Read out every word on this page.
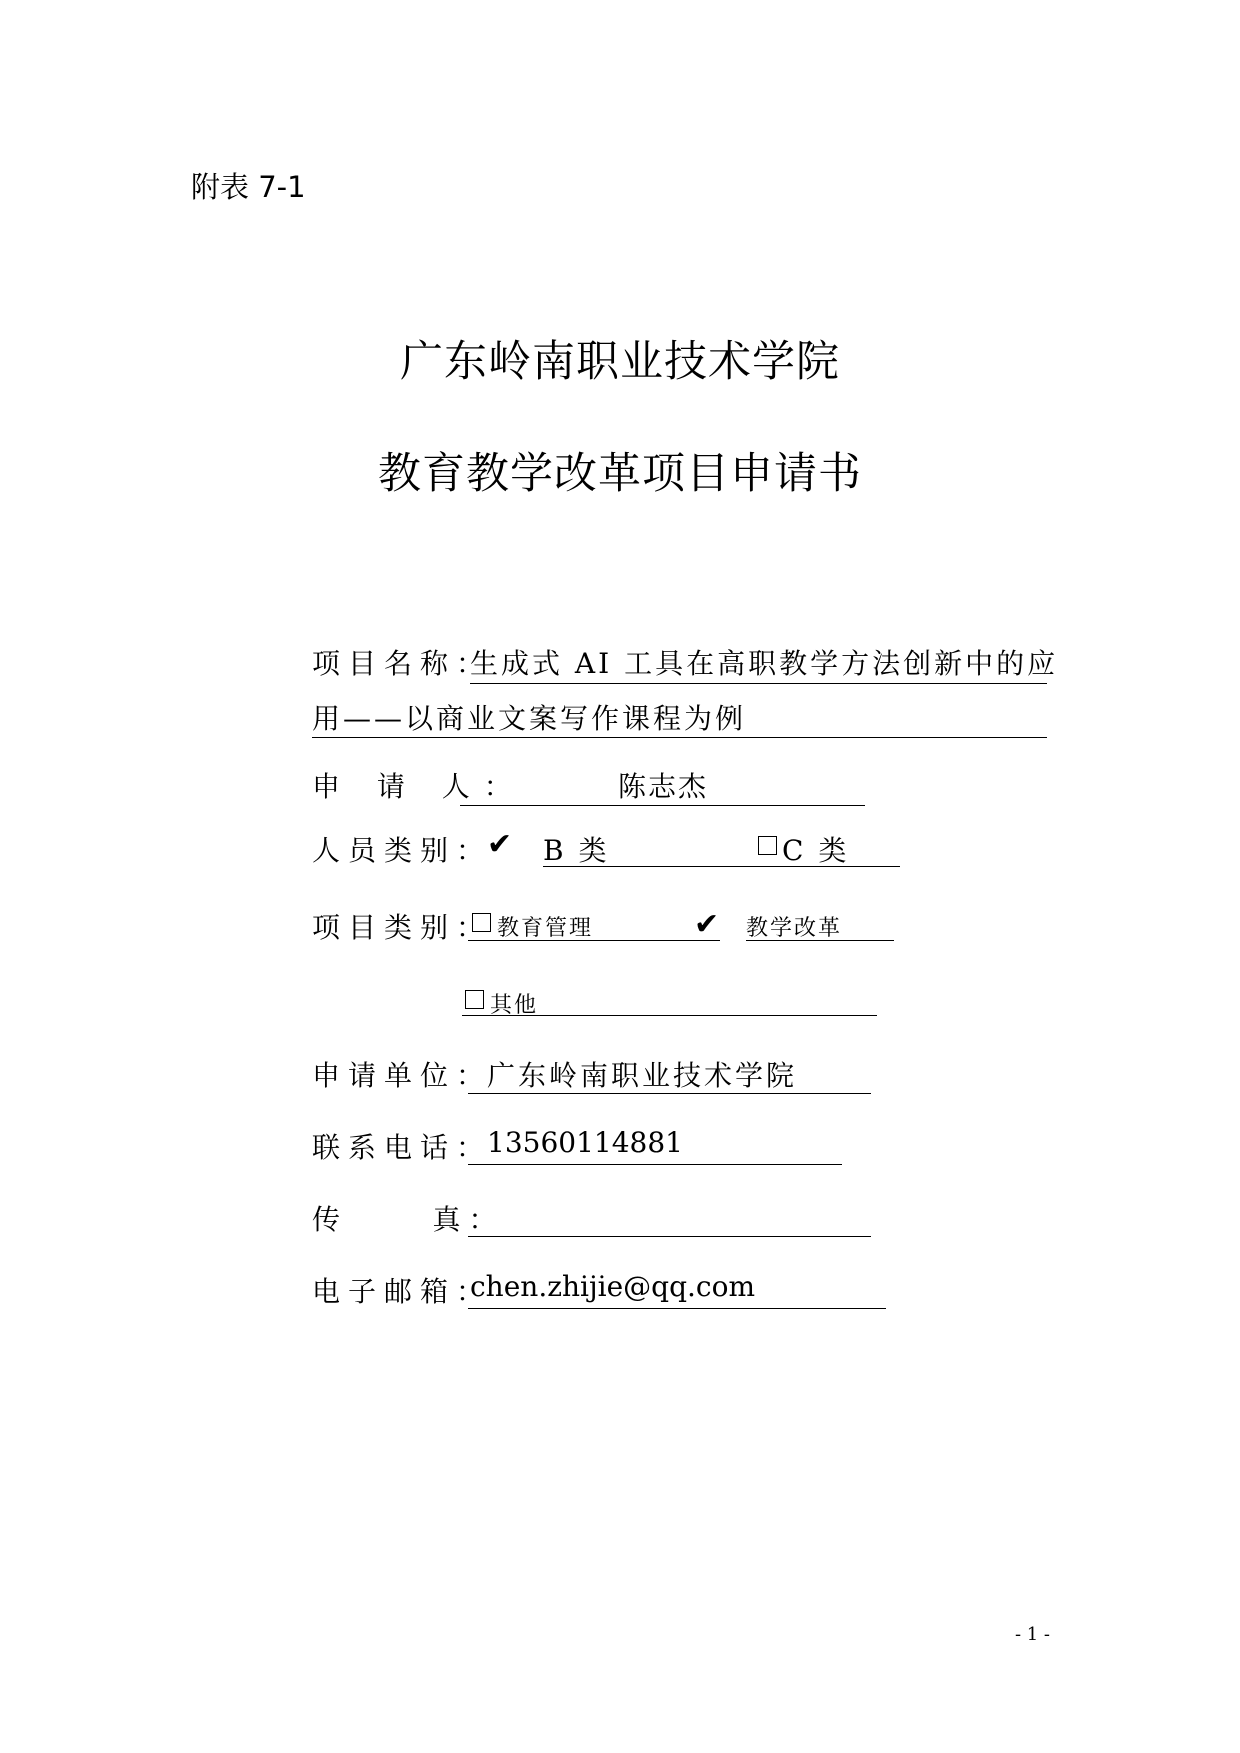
附表 7-1
广东岭南职业技术学院
教育教学改革项目申请书
项目名称：
生成式 AI 工具在高职教学方法创新中的应
用——以商业文案写作课程为例
申 请 人：	陈志杰
人员类别：
✔ B 类	C 类
项目类别： 教育管理	✔ 教学改革
其他
申请单位：
广东岭南职业技术学院
联系电话：
13560114881
传     真：
电子邮箱：
chen.zhijie@qq.com
- 1 -
